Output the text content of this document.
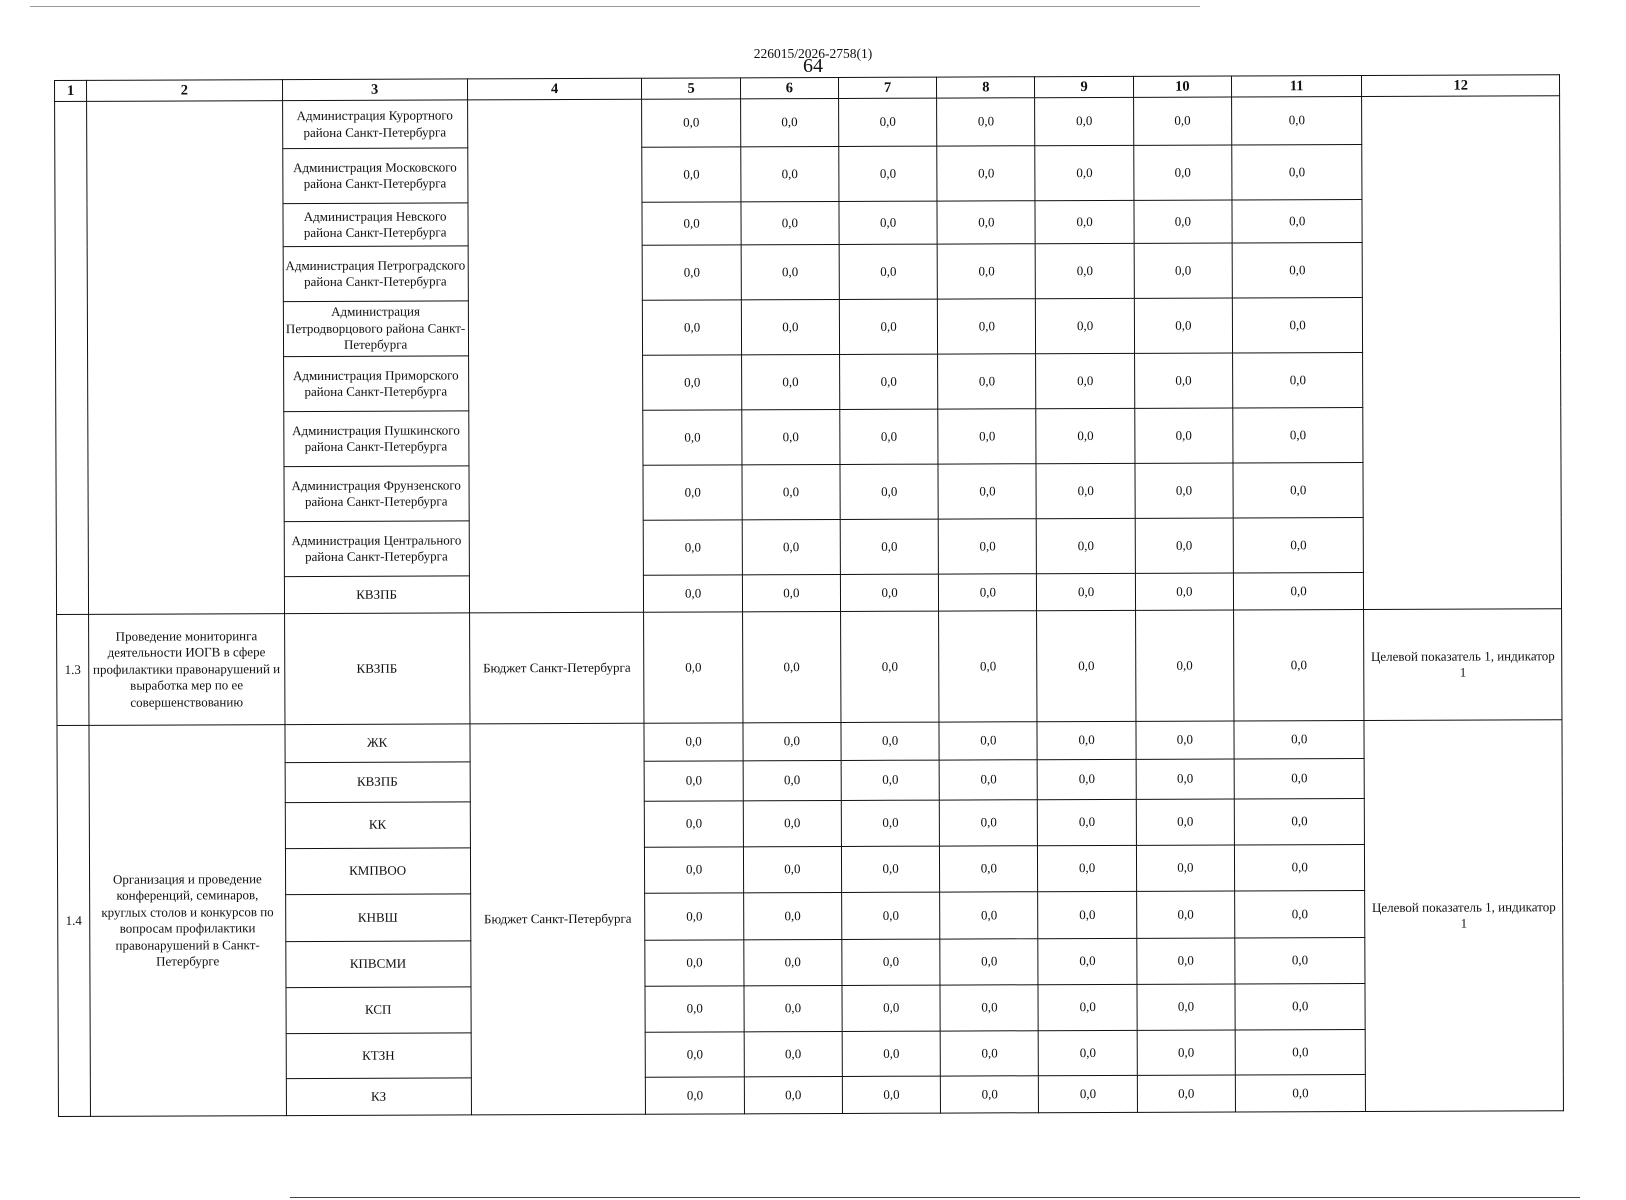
226015/2026-2758(1)
64
1	2	3	4	5	6	7	8	9	10	11	12
		Администрация Курортного района Санкт-Петербурга		0,0	0,0	0,0	0,0	0,0	0,0	0,0	
		Администрация Московского района Санкт-Петербурга		0,0	0,0	0,0	0,0	0,0	0,0	0,0	
		Администрация Невского района Санкт-Петербурга		0,0	0,0	0,0	0,0	0,0	0,0	0,0	
		Администрация Петроградского района Санкт-Петербурга		0,0	0,0	0,0	0,0	0,0	0,0	0,0	
		Администрация Петродворцового района Санкт-Петербурга		0,0	0,0	0,0	0,0	0,0	0,0	0,0	
		Администрация Приморского района Санкт-Петербурга		0,0	0,0	0,0	0,0	0,0	0,0	0,0	
		Администрация Пушкинского района Санкт-Петербурга		0,0	0,0	0,0	0,0	0,0	0,0	0,0	
		Администрация Фрунзенского района Санкт-Петербурга		0,0	0,0	0,0	0,0	0,0	0,0	0,0	
		Администрация Центрального района Санкт-Петербурга		0,0	0,0	0,0	0,0	0,0	0,0	0,0	
		КВЗПБ		0,0	0,0	0,0	0,0	0,0	0,0	0,0	
1.3	Проведение мониторинга деятельности ИОГВ в сфере профилактики правонарушений и выработка мер по ее совершенствованию	КВЗПБ	Бюджет Санкт-Петербурга	0,0	0,0	0,0	0,0	0,0	0,0	0,0	Целевой показатель 1, индикатор 1
1.4	Организация и проведение конференций, семинаров, круглых столов и конкурсов по вопросам профилактики правонарушений в Санкт-Петербурге	ЖК	Бюджет Санкт-Петербурга	0,0	0,0	0,0	0,0	0,0	0,0	0,0	Целевой показатель 1, индикатор 1
		КВЗПБ		0,0	0,0	0,0	0,0	0,0	0,0	0,0	
		КК		0,0	0,0	0,0	0,0	0,0	0,0	0,0	
		КМПВОО		0,0	0,0	0,0	0,0	0,0	0,0	0,0	
		КНВШ		0,0	0,0	0,0	0,0	0,0	0,0	0,0	
		КПВСМИ		0,0	0,0	0,0	0,0	0,0	0,0	0,0	
		КСП		0,0	0,0	0,0	0,0	0,0	0,0	0,0	
		КТЗН		0,0	0,0	0,0	0,0	0,0	0,0	0,0	
		КЗ		0,0	0,0	0,0	0,0	0,0	0,0	0,0	
